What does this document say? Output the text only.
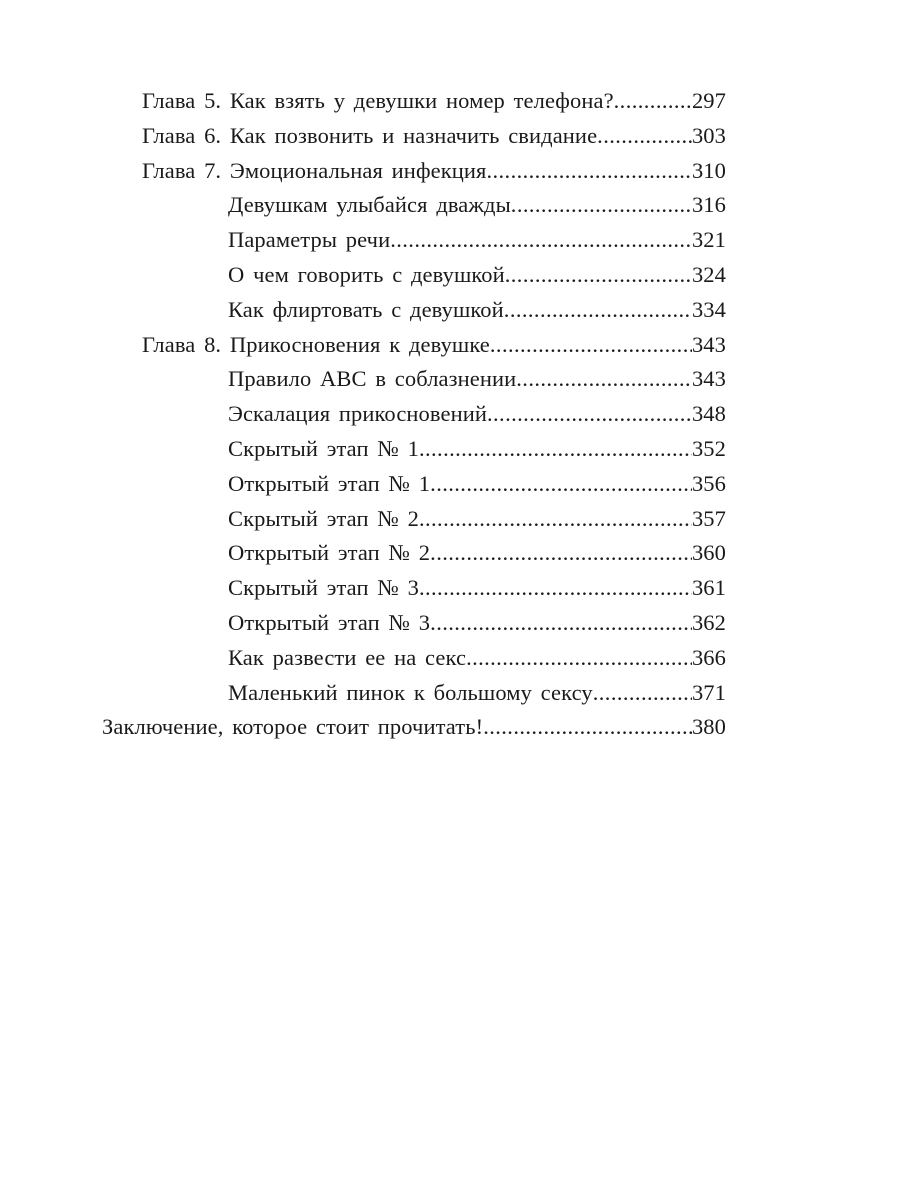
Глава 5. Как взять у девушки номер телефона? .....	297
Глава 6. Как позвонить и назначить свидание .....	303
Глава 7. Эмоциональная инфекция .....	310
Девушкам улыбайся дважды .....	316
Параметры речи .....	321
О чем говорить с девушкой .....	324
Как флиртовать с девушкой .....	334
Глава 8. Прикосновения к девушке .....	343
Правило АВС в соблазнении .....	343
Эскалация прикосновений .....	348
Скрытый этап № 1 .....	352
Открытый этап № 1 .....	356
Скрытый этап № 2 .....	357
Открытый этап № 2 .....	360
Скрытый этап № 3 .....	361
Открытый этап № 3 .....	362
Как развести ее на секс .....	366
Маленький пинок к большому сексу .....	371
Заключение, которое стоит прочитать! .....	380
